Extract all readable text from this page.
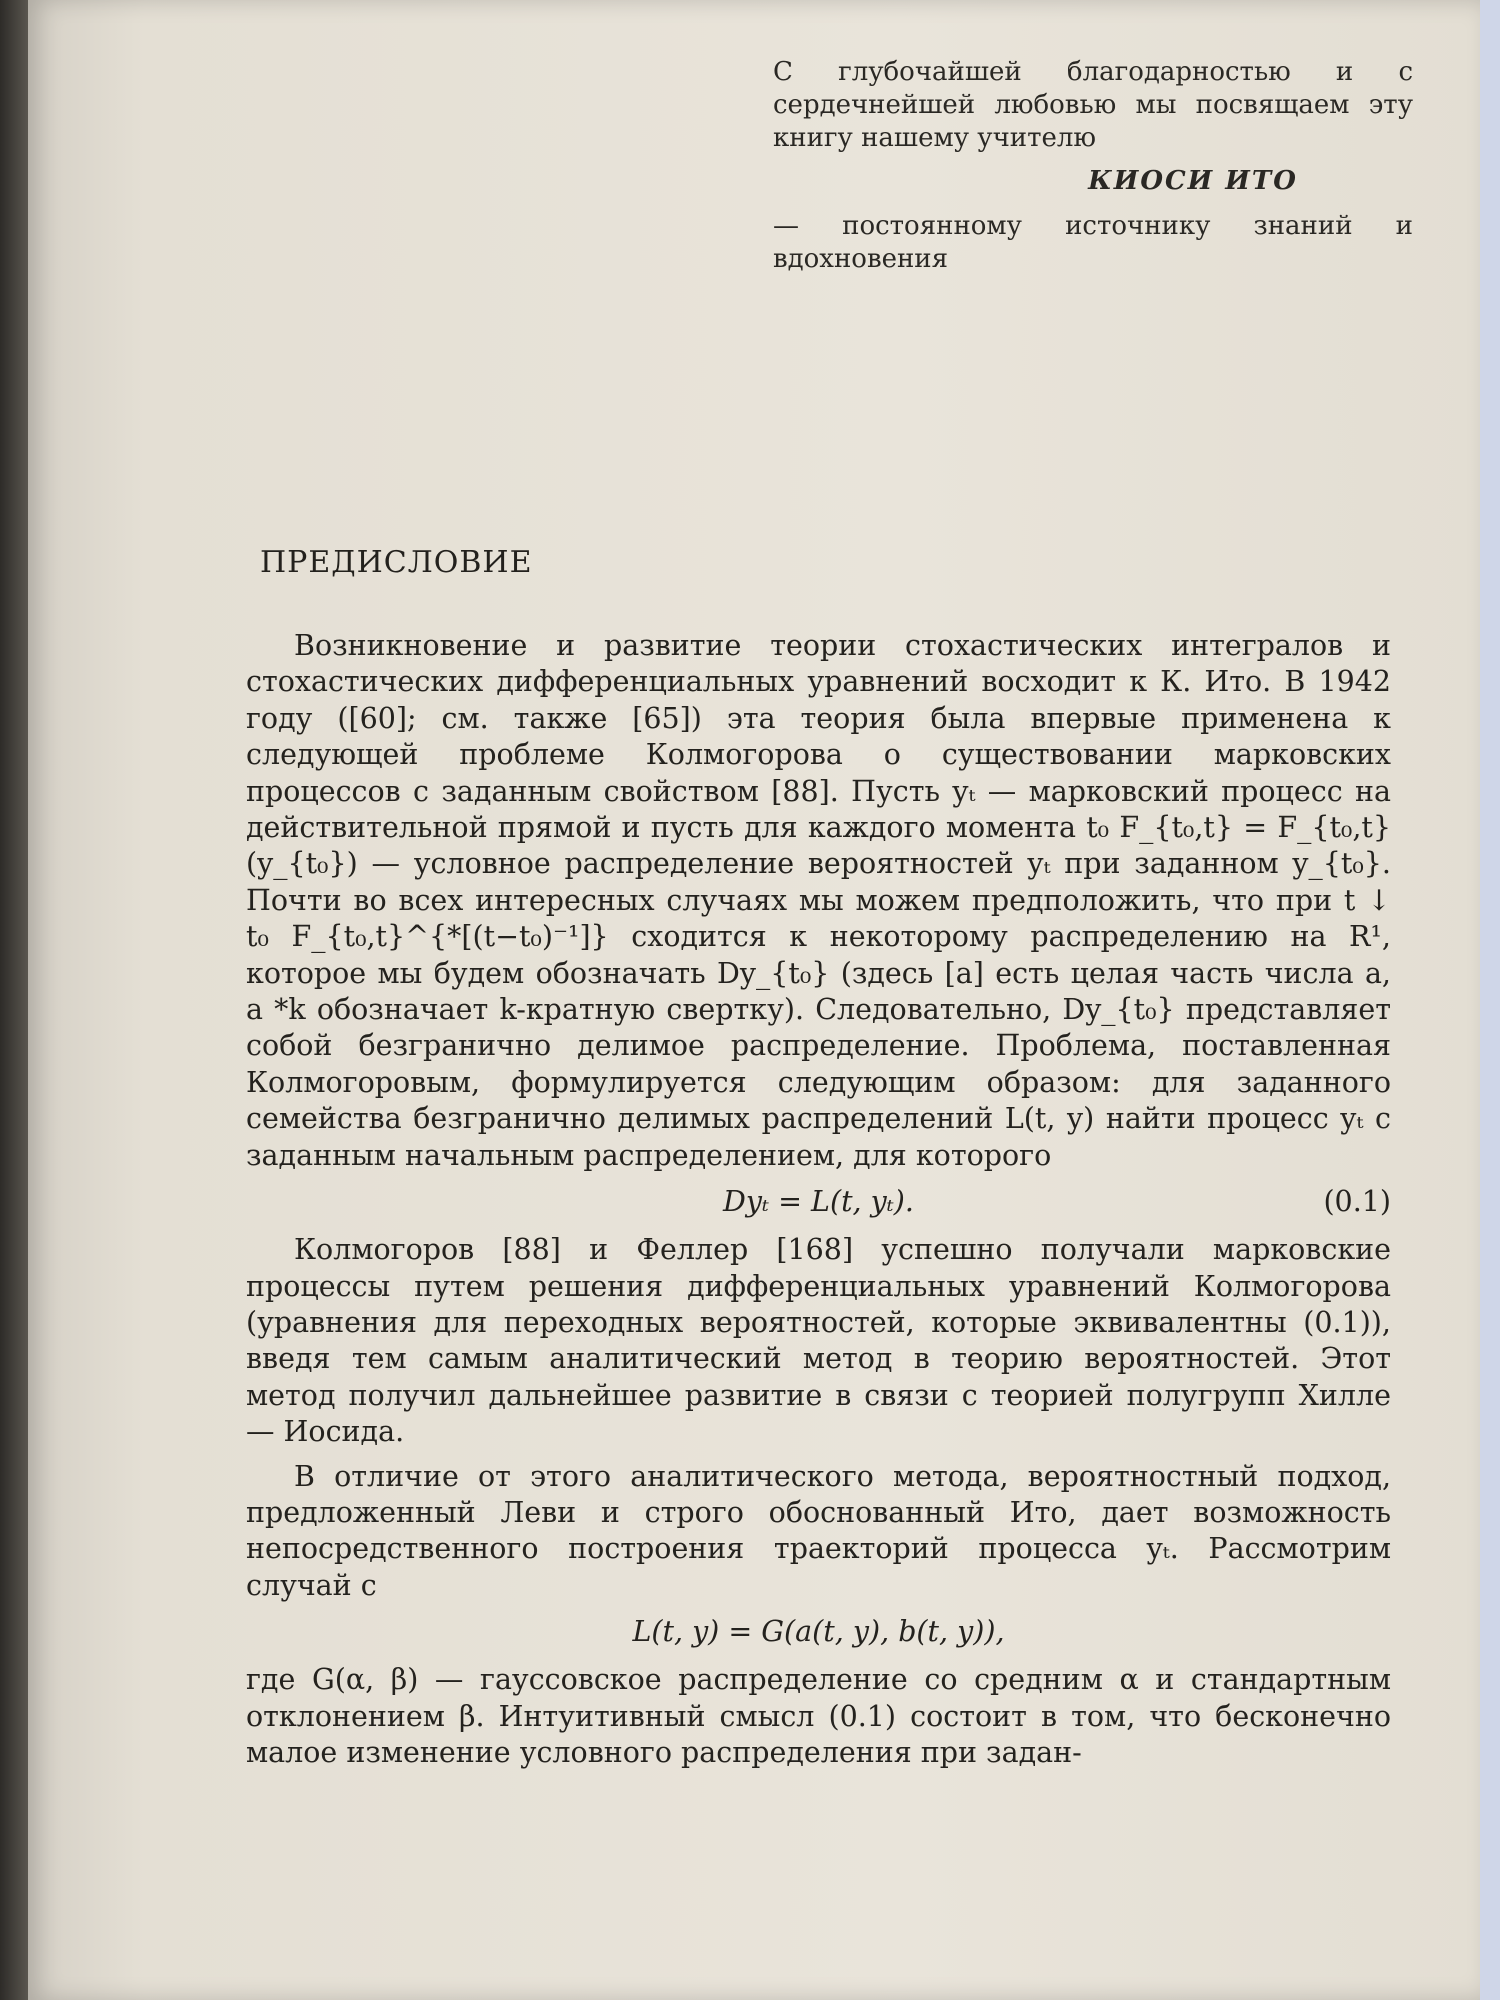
С глубочайшей благодарностью и с сердечнейшей любовью мы посвящаем эту книгу нашему учителю

КИОСИ ИТО

— постоянному источнику знаний и вдохновения

ПРЕДИСЛОВИЕ

Возникновение и развитие теории стохастических интегралов и стохастических дифференциальных уравнений восходит к К. Ито. В 1942 году ([60]; см. также [65]) эта теория была впервые применена к следующей проблеме Колмогорова о существовании марковских процессов с заданным свойством [88]. Пусть yₜ — марковский процесс на действительной прямой и пусть для каждого момента t₀ F_{t₀,t} = F_{t₀,t}(y_{t₀}) — условное распределение вероятностей yₜ при заданном y_{t₀}. Почти во всех интересных случаях мы можем предположить, что при t ↓ t₀ F_{t₀,t}^{*[(t−t₀)⁻¹]} сходится к некоторому распределению на R¹, которое мы будем обозначать Dy_{t₀} (здесь [a] есть целая часть числа a, а *k обозначает k-кратную свертку). Следовательно, Dy_{t₀} представляет собой безгранично делимое распределение. Проблема, поставленная Колмогоровым, формулируется следующим образом: для заданного семейства безгранично делимых распределений L(t, y) найти процесс yₜ с заданным начальным распределением, для которого

Dyₜ = L(t, yₜ).	(0.1)

Колмогоров [88] и Феллер [168] успешно получали марковские процессы путем решения дифференциальных уравнений Колмогорова (уравнения для переходных вероятностей, которые эквивалентны (0.1)), введя тем самым аналитический метод в теорию вероятностей. Этот метод получил дальнейшее развитие в связи с теорией полугрупп Хилле — Иосида.

В отличие от этого аналитического метода, вероятностный подход, предложенный Леви и строго обоснованный Ито, дает возможность непосредственного построения траекторий процесса yₜ. Рассмотрим случай с

L(t, y) = G(a(t, y), b(t, y)),

где G(α, β) — гауссовское распределение со средним α и стандартным отклонением β. Интуитивный смысл (0.1) состоит в том, что бесконечно малое изменение условного распределения при задан-
